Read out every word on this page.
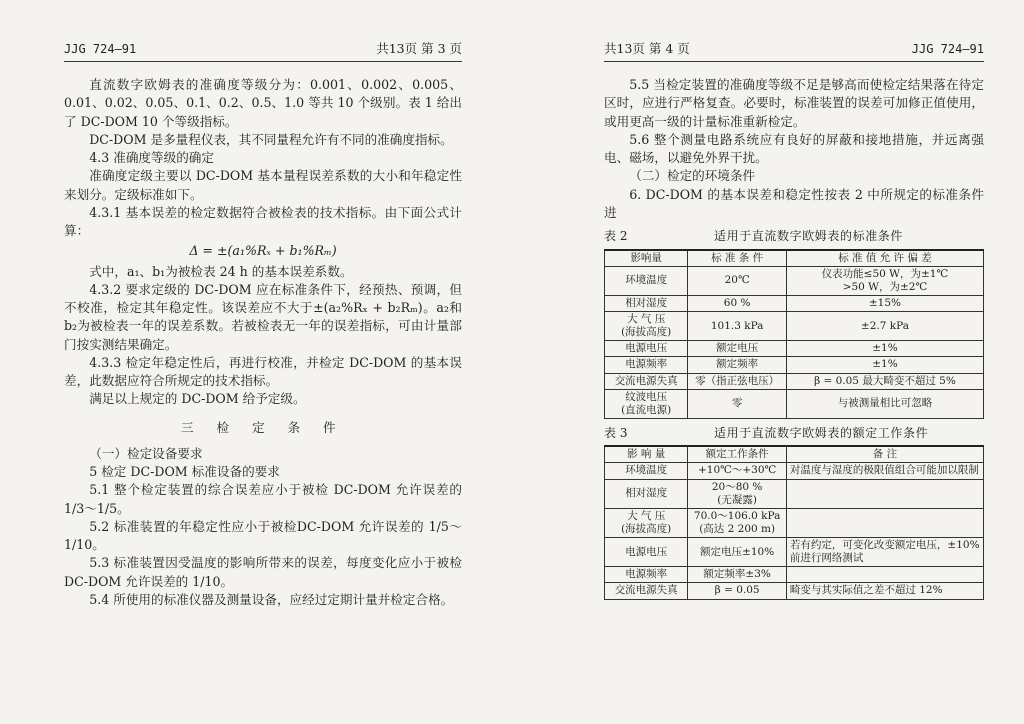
JJG 724—91	共13页 第 3 页

直流数字欧姆表的准确度等级分为：0.001、0.002、0.005、0.01、0.02、0.05、0.1、0.2、0.5、1.0 等共 10 个级别。表 1 给出了 DC-DOM 10 个等级指标。

DC-DOM 是多量程仪表，其不同量程允许有不同的准确度指标。

4.3 准确度等级的确定

准确度定级主要以 DC-DOM 基本量程误差系数的大小和年稳定性来划分。定级标准如下。

4.3.1 基本误差的检定数据符合被检表的技术指标。由下面公式计算：

Δ = ±(a₁%Rₓ + b₁%Rₘ)

式中，a₁、b₁为被检表 24 h 的基本误差系数。

4.3.2 要求定级的 DC-DOM 应在标准条件下，经预热、预调，但不校准，检定其年稳定性。该误差应不大于±(a₂%Rₓ + b₂Rₘ)。a₂和 b₂为被检表一年的误差系数。若被检表无一年的误差指标，可由计量部门按实测结果确定。

4.3.3 检定年稳定性后，再进行校准，并检定 DC-DOM 的基本误差，此数据应符合所规定的技术指标。

满足以上规定的 DC-DOM 给予定级。

三 检 定 条 件

（一）检定设备要求

5 检定 DC-DOM 标准设备的要求

5.1 整个检定装置的综合误差应小于被检 DC-DOM 允许误差的 1/3～1/5。

5.2 标准装置的年稳定性应小于被检DC-DOM 允许误差的 1/5～1/10。

5.3 标准装置因受温度的影响所带来的误差，每度变化应小于被检 DC-DOM 允许误差的 1/10。

5.4 所使用的标准仪器及测量设备，应经过定期计量并检定合格。

共13页 第 4 页	JJG 724—91

5.5 当检定装置的准确度等级不足是够高而使检定结果落在待定区时，应进行严格复查。必要时，标准装置的误差可加修正值使用，或用更高一级的计量标准重新检定。

5.6 整个测量电路系统应有良好的屏蔽和接地措施，并远离强电、磁场，以避免外界干扰。

（二）检定的环境条件

6. DC-DOM 的基本误差和稳定性按表 2 中所规定的标准条件进

表 2	适用于直流数字欧姆表的标准条件
影响量	标 准 条 件	标 准 值 允 许 偏 差
环境温度	20℃	仪表功能≤50 W，为±1℃
>50 W，为±2℃
相对湿度	60 %	±15%
大 气 压
(海拔高度)	101.3 kPa	±2.7 kPa
电源电压	额定电压	±1%
电源频率	额定频率	±1%
交流电源失真	零（指正弦电压）	β = 0.05 最大畸变不超过 5%
纹波电压
(直流电源)	零	与被测量相比可忽略
表 3	适用于直流数字欧姆表的额定工作条件
影 响 量	额定工作条件	备 注
环境温度	+10℃～+30℃	对温度与湿度的极限值组合可能加以限制
相对湿度	20～80 %
(无凝露)	
大 气 压
(海拔高度)	70.0～106.0 kPa
(高达 2 200 m)	
电源电压	额定电压±10%	若有约定，可变化改变额定电压，±10% 前进行网络测试
电源频率	额定频率±3%	
交流电源失真	β = 0.05	畸变与其实际值之差不超过 12%
